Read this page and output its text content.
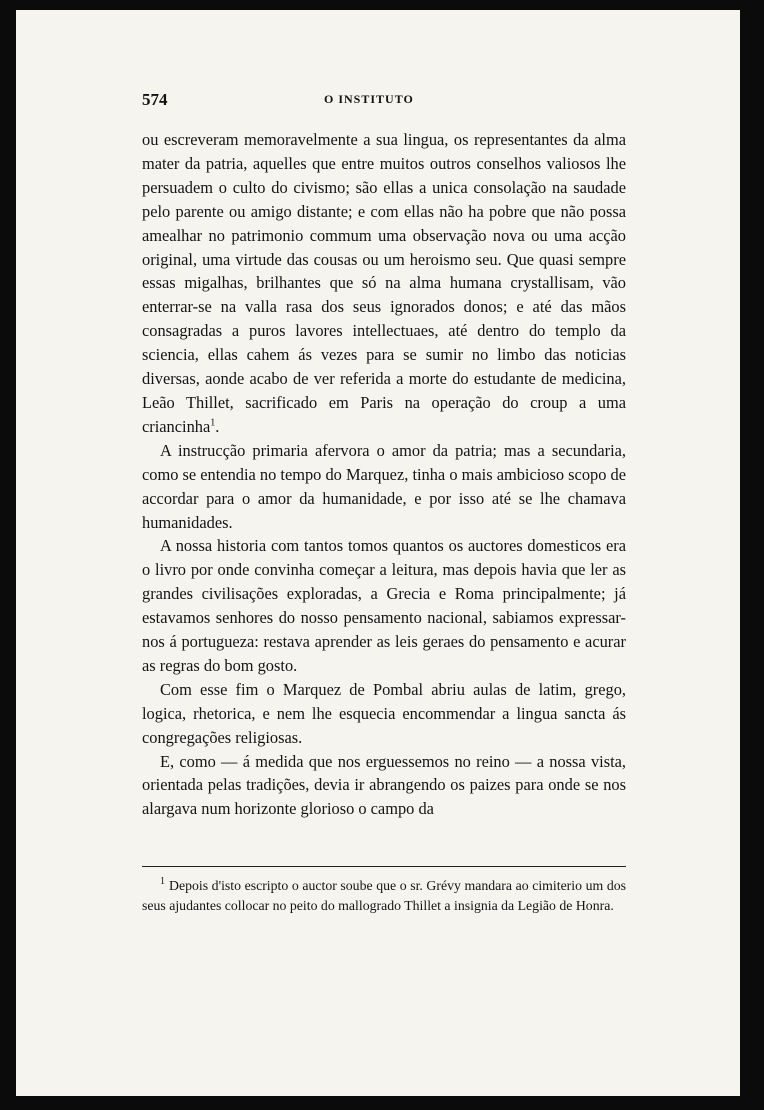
574	O INSTITUTO

ou escreveram memoravelmente a sua lingua, os representantes da alma mater da patria, aquelles que entre muitos outros conselhos valiosos lhe persuadem o culto do civismo; são ellas a unica consolação na saudade pelo parente ou amigo distante; e com ellas não ha pobre que não possa amealhar no patrimonio commum uma observação nova ou uma acção original, uma virtude das cousas ou um heroismo seu. Que quasi sempre essas migalhas, brilhantes que só na alma humana crystallisam, vão enterrar-se na valla rasa dos seus ignorados donos; e até das mãos consagradas a puros lavores intellectuaes, até dentro do templo da sciencia, ellas cahem ás vezes para se sumir no limbo das noticias diversas, aonde acabo de ver referida a morte do estudante de medicina, Leão Thillet, sacrificado em Paris na operação do croup a uma criancinha$^1$.

A instrucção primaria afervora o amor da patria; mas a secundaria, como se entendia no tempo do Marquez, tinha o mais ambicioso scopo de accordar para o amor da humanidade, e por isso até se lhe chamava humanidades.

A nossa historia com tantos tomos quantos os auctores domesticos era o livro por onde convinha começar a leitura, mas depois havia que ler as grandes civilisações exploradas, a Grecia e Roma principalmente; já estavamos senhores do nosso pensamento nacional, sabiamos expressar-nos á portugueza: restava aprender as leis geraes do pensamento e acurar as regras do bom gosto.

Com esse fim o Marquez de Pombal abriu aulas de latim, grego, logica, rhetorica, e nem lhe esquecia encommendar a lingua sancta ás congregações religiosas.

E, como — á medida que nos erguessemos no reino — a nossa vista, orientada pelas tradições, devia ir abrangendo os paizes para onde se nos alargava num horizonte glorioso o campo da

$^1$ Depois d'isto escripto o auctor soube que o sr. Grévy mandara ao cimiterio um dos seus ajudantes collocar no peito do mallogrado Thillet a insignia da Legião de Honra.
